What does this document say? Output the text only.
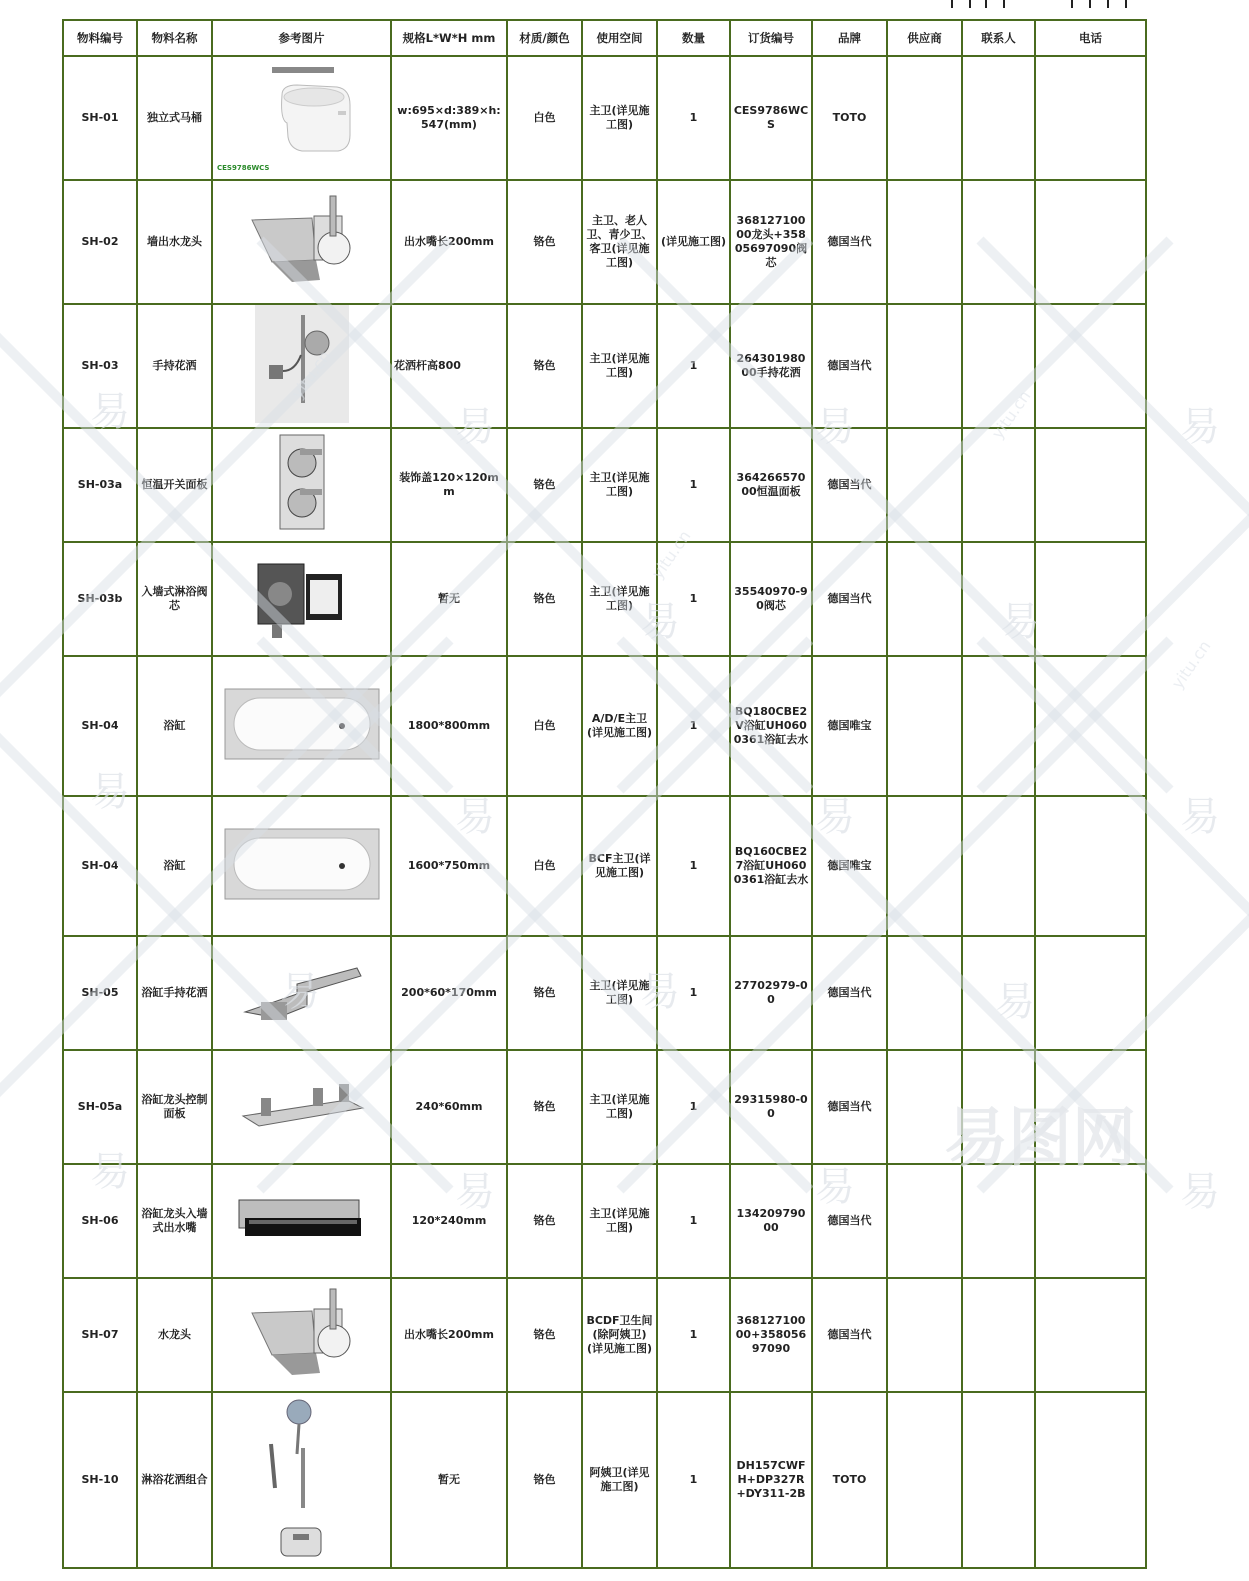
物料编号	物料名称	参考图片	规格L*W*H mm	材质/颜色	使用空间	数量	订货编号	品牌	供应商	联系人	电话
SH-01	独立式马桶	CES9786WCS	w:695×d:389×h:547(mm)	白色	主卫(详见施工图)	1	CES9786WCS	TOTO			
SH-02	墙出水龙头		出水嘴长200mm	铬色	主卫、老人卫、青少卫、客卫(详见施工图)	(详见施工图)	36812710000龙头+35805697090阀芯	德国当代			
SH-03	手持花洒		花洒杆高800	铬色	主卫(详见施工图)	1	26430198000手持花洒	德国当代			
SH-03a	恒温开关面板		装饰盖120×120mm	铬色	主卫(详见施工图)	1	36426657000恒温面板	德国当代			
SH-03b	入墙式淋浴阀芯		暂无	铬色	主卫(详见施工图)	1	35540970-90阀芯	德国当代			
SH-04	浴缸		1800*800mm	白色	A/D/E主卫(详见施工图)	1	BQ180CBE2V浴缸UH0600361浴缸去水	德国唯宝			
SH-04	浴缸		1600*750mm	白色	BCF主卫(详见施工图)	1	BQ160CBE27浴缸UH0600361浴缸去水	德国唯宝			
SH-05	浴缸手持花洒		200*60*170mm	铬色	主卫(详见施工图)	1	27702979-00	德国当代			
SH-05a	浴缸龙头控制面板		240*60mm	铬色	主卫(详见施工图)	1	29315980-00	德国当代			
SH-06	浴缸龙头入墙式出水嘴		120*240mm	铬色	主卫(详见施工图)	1	13420979000	德国当代			
SH-07	水龙头		出水嘴长200mm	铬色	BCDF卫生间(除阿姨卫)(详见施工图)	1	36812710000+35805697090	德国当代			
SH-10	淋浴花洒组合		暂无	铬色	阿姨卫(详见施工图)	1	DH157CWFH+DP327R+DY311-2B	TOTO			
易	易	易	易
易	易
易
易	易	易
易	易	易
易	易	易	易
易图网
yitu.cn
yitu.cn
yitu.cn
yitu.cn
